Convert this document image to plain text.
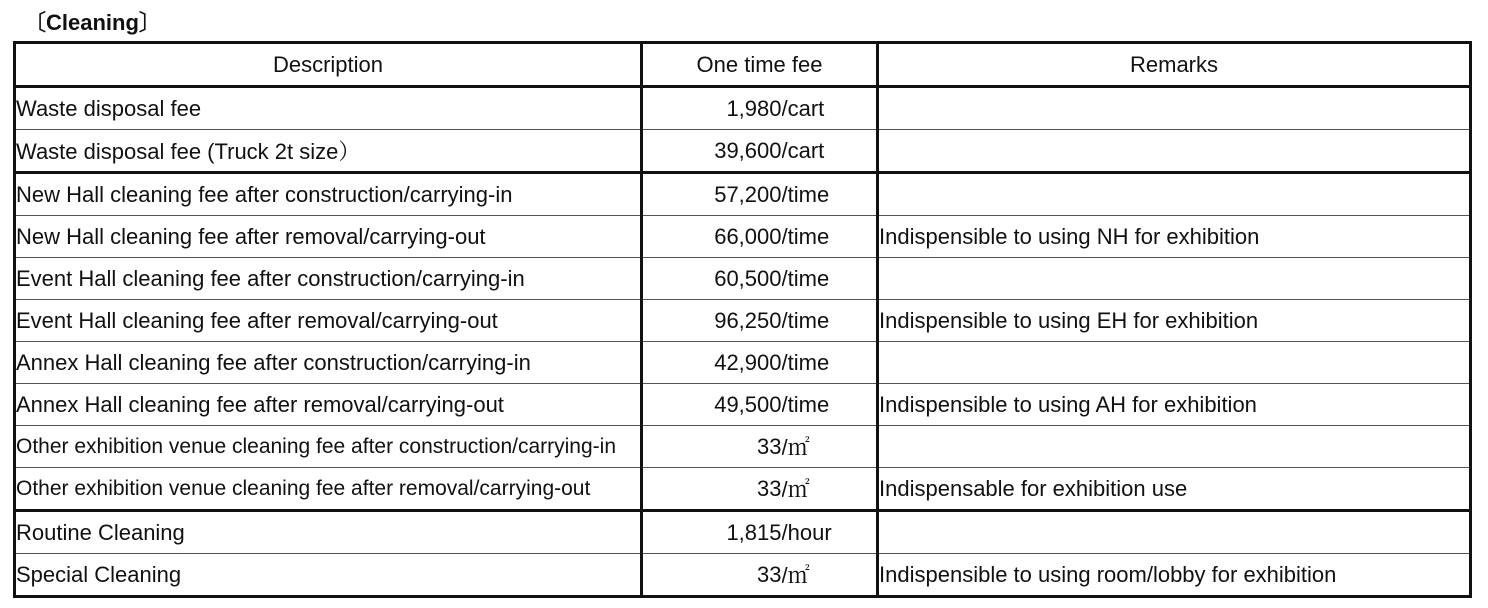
〔Cleaning〕
Description	One time fee		Remarks
Waste disposal fee	1,980	/cart	
Waste disposal fee (Truck 2t size）	39,600	/cart	
New Hall cleaning fee after construction/carrying-in	57,200	/time	
New Hall cleaning fee after removal/carrying-out	66,000	/time	Indispensible to using NH for exhibition
Event Hall cleaning fee after construction/carrying-in	60,500	/time	
Event Hall cleaning fee after removal/carrying-out	96,250	/time	Indispensible to using EH for exhibition
Annex Hall cleaning fee after construction/carrying-in	42,900	/time	
Annex Hall cleaning fee after removal/carrying-out	49,500	/time	Indispensible to using AH for exhibition
Other exhibition venue cleaning fee after construction/carrying-in	33	/㎡	
Other exhibition venue cleaning fee after removal/carrying-out	33	/㎡	Indispensable for exhibition use
Routine Cleaning	1,815	/hour	
Special Cleaning	33	/㎡	Indispensible to using room/lobby for exhibition
